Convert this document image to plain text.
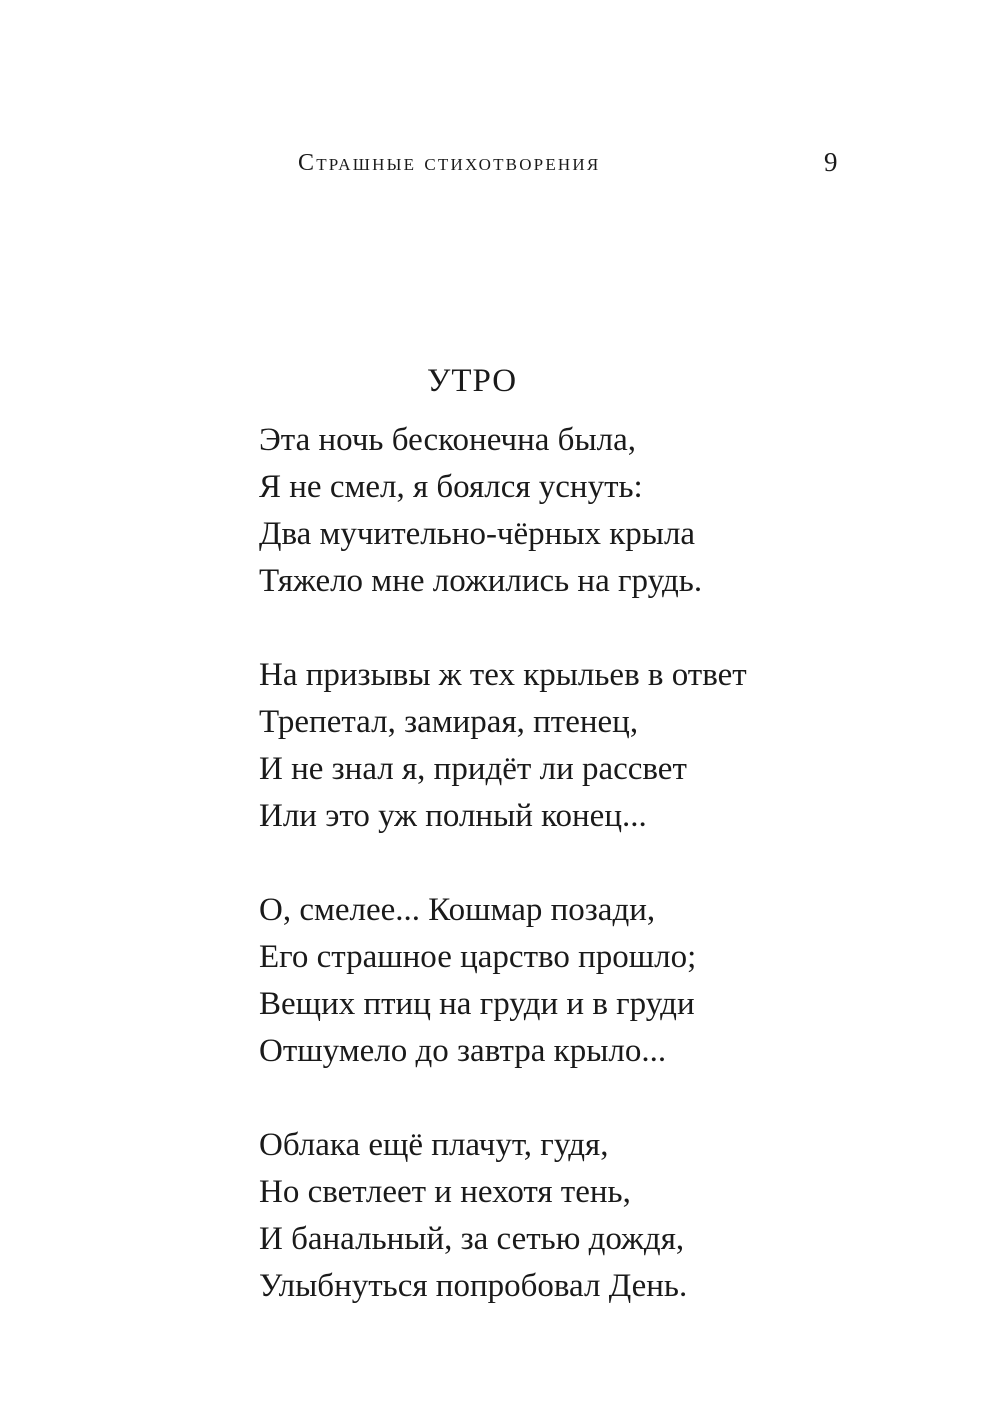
Страшные стихотворения	9
УТРО
Эта ночь бесконечна была,
Я не смел, я боялся уснуть:
Два мучительно-чёрных крыла
Тяжело мне ложились на грудь.
На призывы ж тех крыльев в ответ
Трепетал, замирая, птенец,
И не знал я, придёт ли рассвет
Или это уж полный конец...
О, смелее... Кошмар позади,
Его страшное царство прошло;
Вещих птиц на груди и в груди
Отшумело до завтра крыло...
Облака ещё плачут, гудя,
Но светлеет и нехотя тень,
И банальный, за сетью дождя,
Улыбнуться попробовал День.
